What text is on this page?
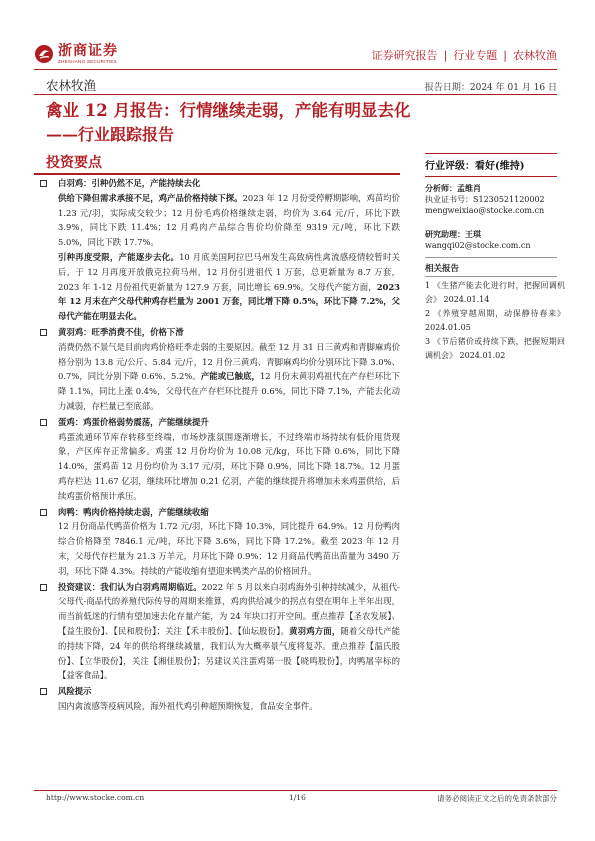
浙商证券
ZHESHANG SECURITIES	证券研究报告 | 行业专题 | 农林牧渔
农林牧渔	报告日期：2024 年 01 月 16 日
禽业 12 月报告：行情继续走弱，产能有明显去化
——行业跟踪报告
投资要点
白羽鸡：引种仍然不足，产能持续去化
供给下降但需求承接不足，鸡产品价格持续下探。2023 年 12 月份受停孵期影响，鸡苗均价 1.23 元/羽，实际成交较少；12 月份毛鸡价格继续走弱，均价为 3.64 元/斤，环比下跌 3.9%，同比下跌 11.4%；12 月鸡肉产品综合售价均价降至 9319 元/吨，环比下跌 5.0%，同比下跌 17.7%。
引种再度受限，产能逐步去化。10 月底美国阿拉巴马州发生高致病性禽流感疫情较暂时关后，于 12 月再度开放俄克拉荷马州，12 月份引进祖代 1 万套，总更新量为 8.7 万套，2023 年 1-12 月份祖代更新量为 127.9 万套，同比增长 69.9%。父母代产能方面，2023 年 12 月末在产父母代种鸡存栏量为 2001 万套，同比增下降 0.5%，环比下降 7.2%，父母代产能在明显去化。
黄羽鸡：旺季消费不佳，价格下滑
消费仍然不景气是目前肉鸡价格旺季走弱的主要原因。截至 12 月 31 日三黄鸡和青脚麻鸡价格分别为 13.8 元/公斤、5.84 元/斤，12 月份三黄鸡、青脚麻鸡均价分别环比下降 3.0%、0.7%，同比分别下降 0.6%、5.2%。产能或已触底，12 月份末黄羽鸡祖代在产存栏环比下降 1.1%，同比上涨 0.4%，父母代在产存栏环比提升 0.6%，同比下降 7.1%，产能去化动力减弱，存栏量已至底部。
蛋鸡：鸡蛋价格弱势震荡，产能继续提升
鸡蛋流通环节库存转移至终端，市场炒涨氛围逐渐增长，不过终端市场持续有低价甩货现象，产区库存正常偏多。鸡蛋 12 月份均价为 10.08 元/kg，环比下降 0.6%，同比下降 14.0%，蛋鸡苗 12 月份均价为 3.17 元/羽，环比下降 0.9%，同比下降 18.7%。12 月蛋鸡存栏达 11.67 亿羽，继续环比增加 0.21 亿羽，产能的继续提升将增加未来鸡蛋供给，后续鸡蛋价格预计承压。
肉鸭：鸭肉价格持续走弱，产能继续收缩
12 月份商品代鸭苗价格为 1.72 元/羽，环比下降 10.3%，同比提升 64.9%。12 月份鸭肉综合价格降至 7846.1 元/吨，环比下降 3.6%，同比下降 17.2%。截至 2023 年 12 月末，父母代存栏量为 21.3 万羊元，月环比下降 0.9%；12 月商品代鸭苗出苗量为 3490 万羽，环比下降 4.3%。持续的产能收缩有望迎来鸭类产品的价格回升。
投资建议：我们认为白羽鸡周期临近。2022 年 5 月以来白羽鸡海外引种持续减少，从祖代-父母代-商品代的养殖代际传导的周期来推算，鸡肉供给减少的拐点有望在明年上半年出现，而当前低迷的行情有望加速去化存量产能，为 24 年块口打开空间。重点推荐【圣农发展】、【益生股份】、【民和股份】；关注【禾丰股份】、【仙坛股份】。黄羽鸡方面，随着父母代产能的持续下降，24 年的供给将继续减量，我们认为大概率景气度将复苏。重点推荐【温氏股份】、【立华股份】，关注【湘佳股份】；另建议关注蛋鸡第一股【晓鸣股份】，肉鸭屠宰标的【益客食品】。
风险提示
国内禽流感等疫病风险，海外祖代鸡引种超预期恢复，食品安全事件。
行业评级：看好(维持)
分析师：孟维肖
执业证书号：S1230521120002
mengweixiao@stocke.com.cn
研究助理：王琪
wangqi02@stocke.com.cn
相关报告
1 《生猪产能去化进行时，把握回调机会》 2024.01.14
2 《养殖穿越周期，动保静待春来》 2024.01.05
3 《节后猪价或持续下跌，把握短期回调机会》 2024.01.02
http://www.stocke.com.cn	1/16	请务必阅读正文之后的免责条款部分
